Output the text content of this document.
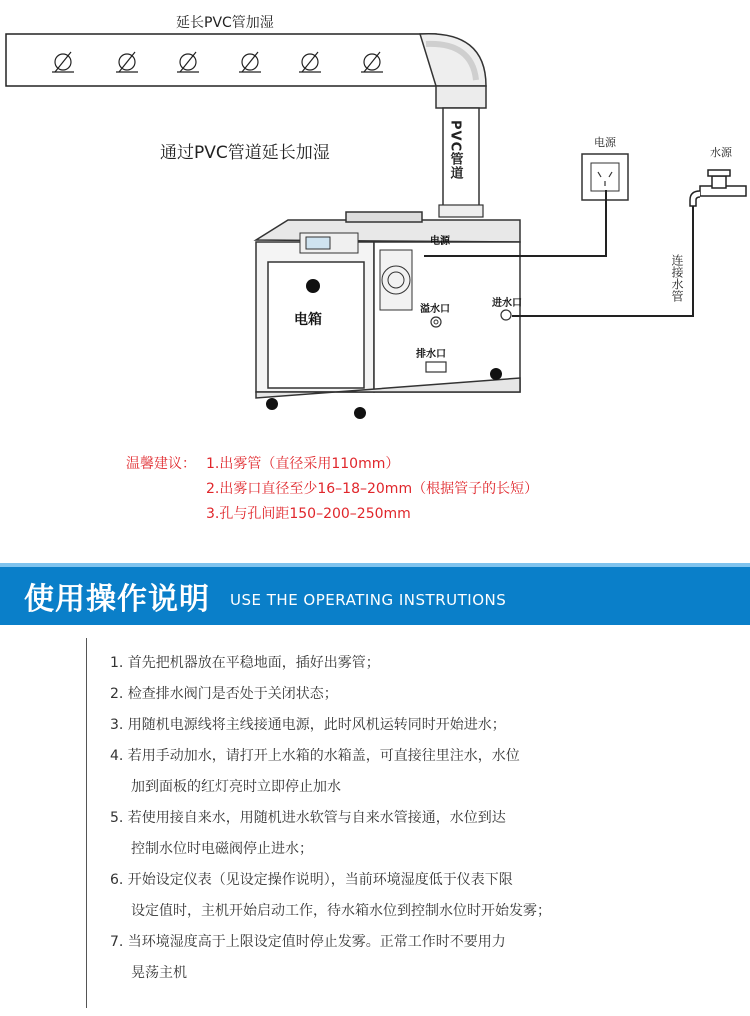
延长PVC管加湿
PVC管道
通过PVC管道延长加湿
电箱
电源
溢水口
进水口
排水口
电源
水源
连接水管
温馨建议： 1.出雾管（直径采用110mm）
2.出雾口直径至少16–18–20mm（根据管子的长短）
3.孔与孔间距150–200–250mm
使用操作说明 USE THE OPERATING INSTRUTIONS
1. 首先把机器放在平稳地面，插好出雾管；
2. 检查排水阀门是否处于关闭状态；
3. 用随机电源线将主线接通电源，此时风机运转同时开始进水；
4. 若用手动加水，请打开上水箱的水箱盖，可直接往里注水，水位
加到面板的红灯亮时立即停止加水
5. 若使用接自来水，用随机进水软管与自来水管接通，水位到达
控制水位时电磁阀停止进水；
6. 开始设定仪表（见设定操作说明），当前环境湿度低于仪表下限
设定值时，主机开始启动工作，待水箱水位到控制水位时开始发雾；
7. 当环境湿度高于上限设定值时停止发雾。正常工作时不要用力
晃荡主机
